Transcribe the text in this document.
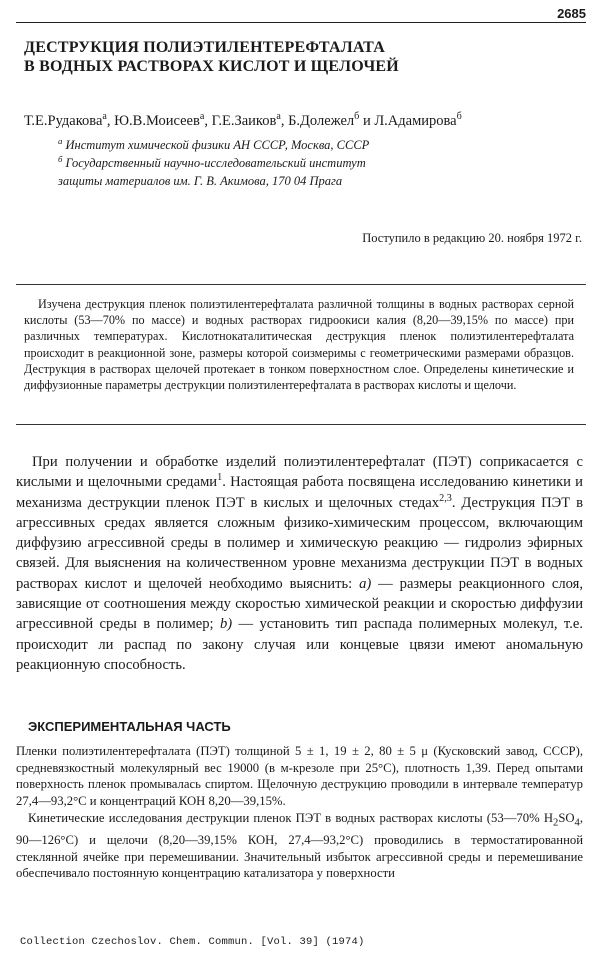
2685
ДЕСТРУКЦИЯ ПОЛИЭТИЛЕНТЕРЕФТАЛАТА
В ВОДНЫХ РАСТВОРАХ КИСЛОТ И ЩЕЛОЧЕЙ
Т.Е.Рудакова$^а$, Ю.В.Моисеев$^а$, Г.Е.Заиков$^а$, Б.Долежел$^б$ и Л.Адамирова$^б$
$^а$ Институт химической физики АН СССР, Москва, СССР
$^б$ Государственный научно-исследовательский институт
защиты материалов им. Г. В. Акимова, 170 04 Прага
Поступило в редакцию 20. ноября 1972 г.
Изучена деструкция пленок полиэтилентерефталата различной толщины в водных растворах серной кислоты (53—70% по массе) и водных растворах гидроокиси калия (8,20—39,15% по массе) при различных температурах. Кислотнокаталитическая деструкция пленок полиэтилентерефталата происходит в реакционной зоне, размеры которой соизмеримы с геометрическими размерами образцов. Деструкция в растворах щелочей протекает в тонком поверхностном слое. Определены кинетические и диффузионные параметры деструкции полиэтилентерефталата в растворах кислоты и щелочи.
При получении и обработке изделий полиэтилентерефталат (ПЭТ) соприкасается с кислыми и щелочными средами$^1$. Настоящая работа посвящена исследованию кинетики и механизма деструкции пленок ПЭТ в кислых и щелочных стедах$^{2,3}$. Деструкция ПЭТ в агрессивных средах является сложным физико-химическим процессом, включающим диффузию агрессивной среды в полимер и химическую реакцию — гидролиз эфирных связей. Для выяснения на количественном уровне механизма деструкции ПЭТ в водных растворах кислот и щелочей необходимо выяснить: а) — размеры реакционного слоя, зависящие от соотношения между скоростью химической реакции и скоростью диффузии агрессивной среды в полимер; b) — установить тип распада полимерных молекул, т.е. происходит ли распад по закону случая или концевые цвязи имеют аномальную реакционную способность.
ЭКСПЕРИМЕНТАЛЬНАЯ ЧАСТЬ

Пленки полиэтилентерефталата (ПЭТ) толщиной 5 ± 1, 19 ± 2, 80 ± 5 μ (Кусковский завод, СССР), средневязкостный молекулярный вес 19000 (в м-крезоле при 25°С), плотность 1,39. Перед опытами поверхность пленок промывалась спиртом. Щелочную деструкцию проводили в интервале температур 27,4—93,2°С и концентраций КОН 8,20—39,15%.

Кинетические исследования деструкции пленок ПЭТ в водных растворах кислоты (53—70% $H_2SO_4$, 90—126°С) и щелочи (8,20—39,15% КОН, 27,4—93,2°С) проводились в термостатированной стеклянной ячейке при перемешивании. Значительный избыток агрессивной среды и перемешивание обеспечивало постоянную концентрацию катализатора у поверхности

Collection Czechoslov. Chem. Commun. [Vol. 39] (1974)
